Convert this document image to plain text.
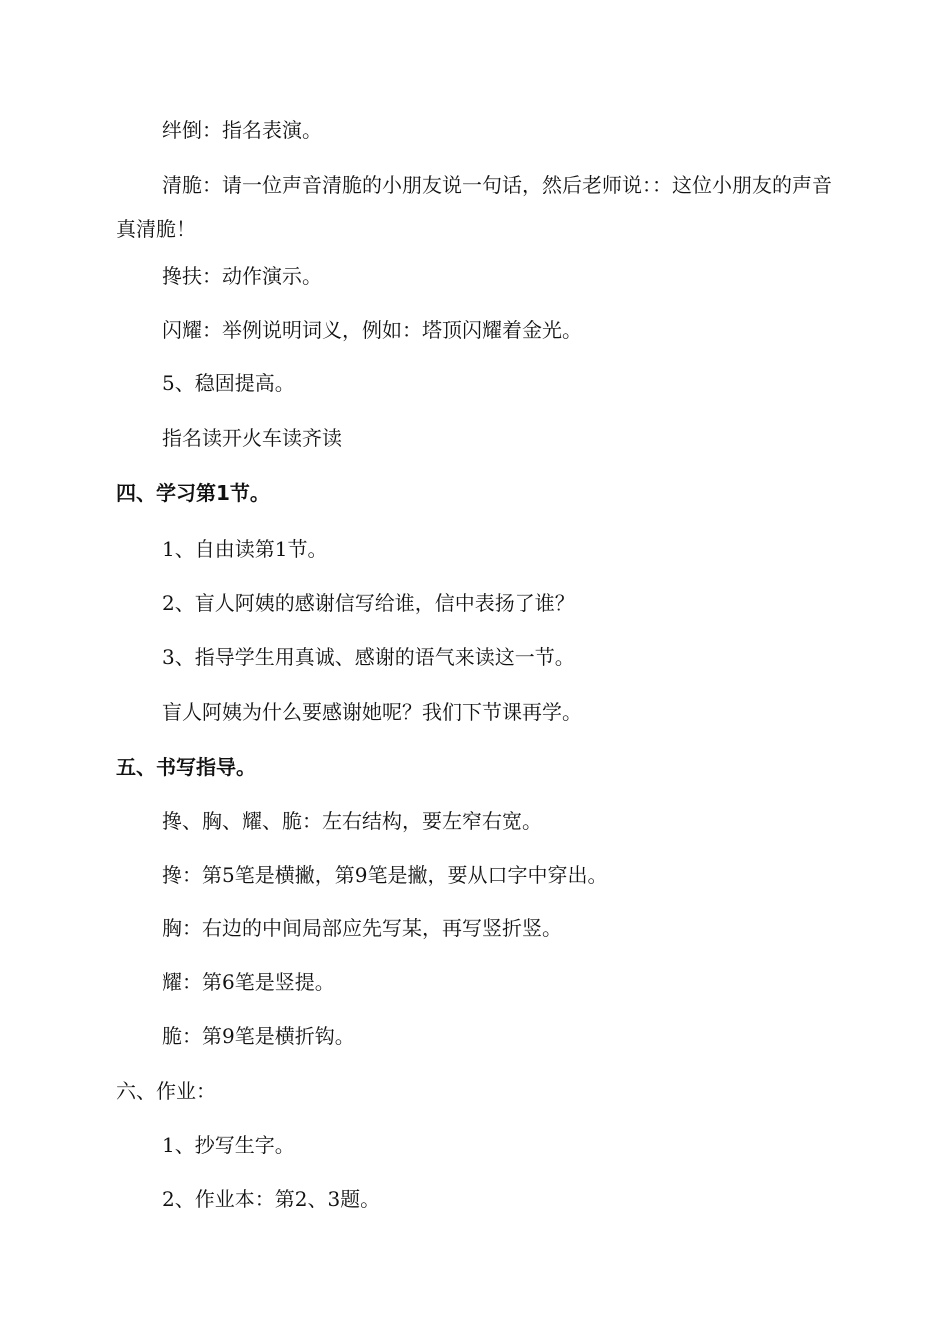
绊倒：指名表演。
清脆：请一位声音清脆的小朋友说一句话，然后老师说：：这位小朋友的声音真清脆！
搀扶：动作演示。
闪耀：举例说明词义，例如：塔顶闪耀着金光。
5、稳固提高。
指名读开火车读齐读
四、学习第1节。
1、自由读第1节。
2、盲人阿姨的感谢信写给谁，信中表扬了谁？
3、指导学生用真诚、感谢的语气来读这一节。
盲人阿姨为什么要感谢她呢？我们下节课再学。
五、书写指导。
搀、胸、耀、脆：左右结构，要左窄右宽。
搀：第5笔是横撇，第9笔是撇，要从口字中穿出。
胸：右边的中间局部应先写某，再写竖折竖。
耀：第6笔是竖提。
脆：第9笔是横折钩。
六、作业：
1、抄写生字。
2、作业本：第2、3题。
